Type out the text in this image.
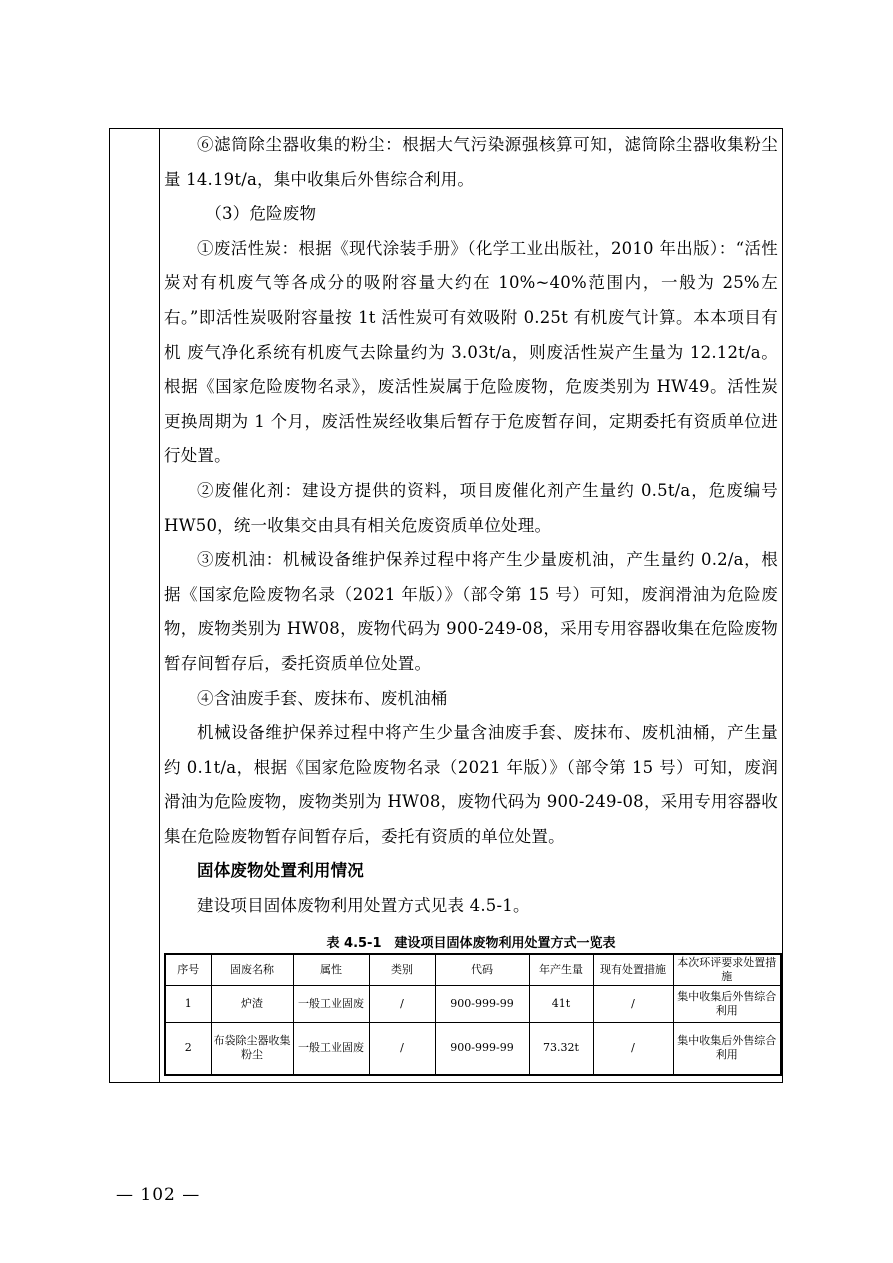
⑥滤筒除尘器收集的粉尘：根据大气污染源强核算可知，滤筒除尘器收集粉尘量 14.19t/a，集中收集后外售综合利用。

（3）危险废物

①废活性炭：根据《现代涂装手册》（化学工业出版社，2010 年出版）：“活性炭对有机废气等各成分的吸附容量大约在 10%~40%范围内，一般为 25%左 右。”即活性炭吸附容量按 1t 活性炭可有效吸附 0.25t 有机废气计算。本本项目有机 废气净化系统有机废气去除量约为 3.03t/a，则废活性炭产生量为 12.12t/a。根据《国家危险废物名录》，废活性炭属于危险废物，危废类别为 HW49。活性炭更换周期为 1 个月，废活性炭经收集后暂存于危废暂存间，定期委托有资质单位进行处置。

②废催化剂：建设方提供的资料，项目废催化剂产生量约 0.5t/a，危废编号 HW50，统一收集交由具有相关危废资质单位处理。

③废机油：机械设备维护保养过程中将产生少量废机油，产生量约 0.2/a，根据《国家危险废物名录（2021 年版）》（部令第 15 号）可知，废润滑油为危险废物，废物类别为 HW08，废物代码为 900-249-08，采用专用容器收集在危险废物暂存间暂存后，委托资质单位处置。

④含油废手套、废抹布、废机油桶

机械设备维护保养过程中将产生少量含油废手套、废抹布、废机油桶，产生量约 0.1t/a，根据《国家危险废物名录（2021 年版）》（部令第 15 号）可知，废润滑油为危险废物，废物类别为 HW08，废物代码为 900-249-08，采用专用容器收集在危险废物暂存间暂存后，委托有资质的单位处置。

固体废物处置利用情况

建设项目固体废物利用处置方式见表 4.5-1。

表 4.5-1　建设项目固体废物利用处置方式一览表
序号	固废名称	属性	类别	代码	年产生量	现有处置措施	本次环评要求处置措施
1	炉渣	一般工业固废	/	900-999-99	41t	/	集中收集后外售综合利用
2	布袋除尘器收集粉尘	一般工业固废	/	900-999-99	73.32t	/	集中收集后外售综合利用
— 102 —
